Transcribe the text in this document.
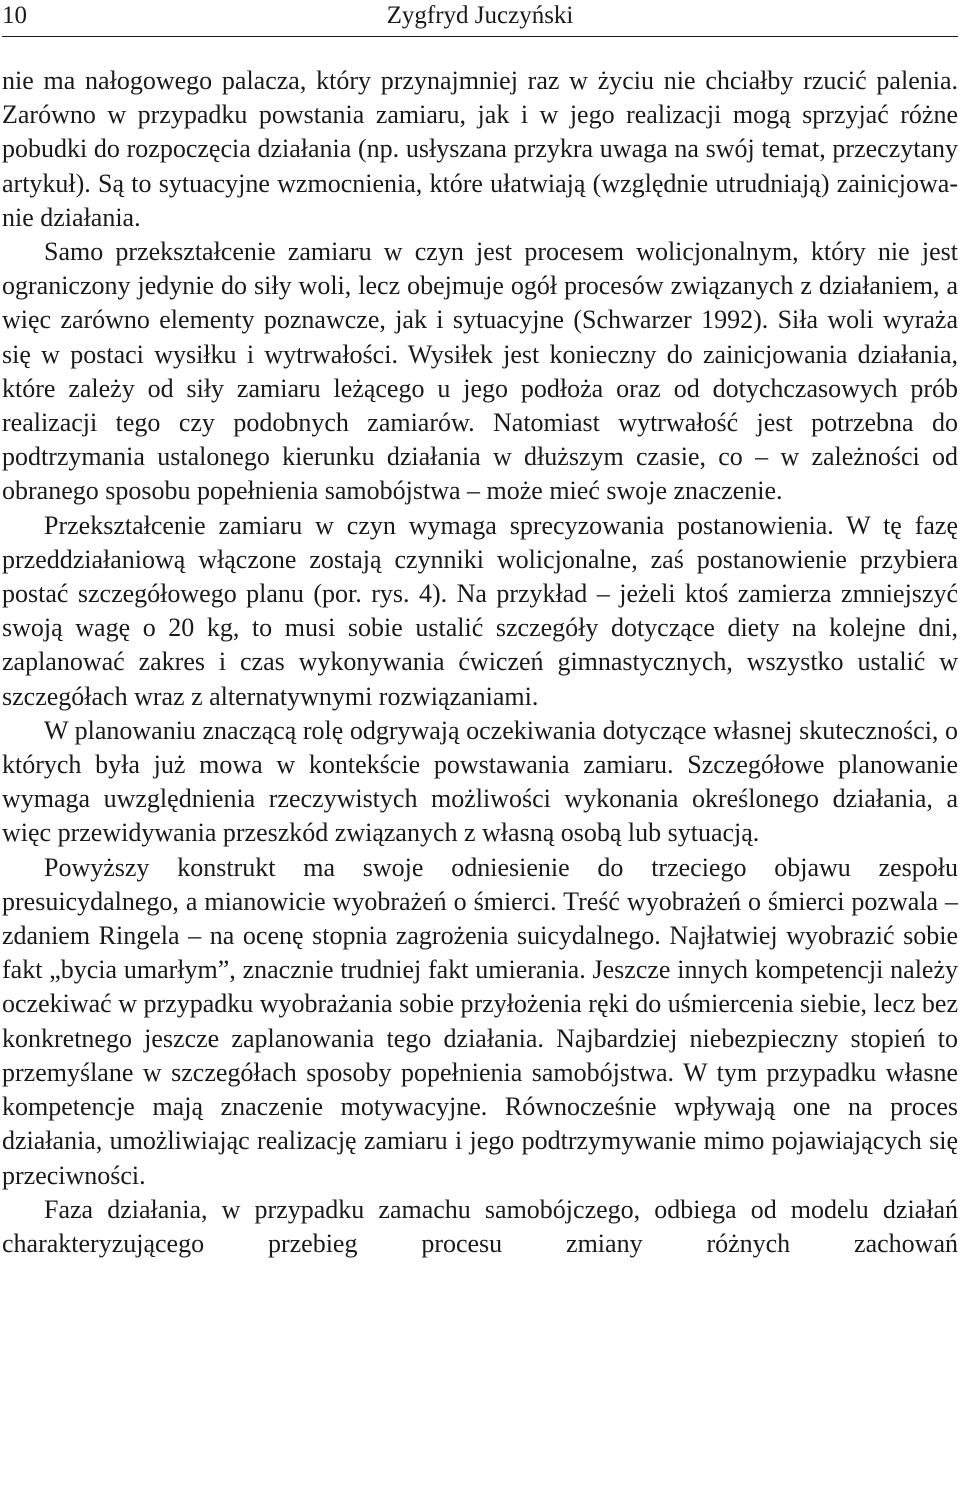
10	Zygfryd Juczyński

nie ma nałogowego palacza, który przynajmniej raz w życiu nie chciałby rzucić palenia. Zarówno w przypadku powstania zamiaru, jak i w jego realizacji mogą sprzyjać różne pobudki do rozpoczęcia działania (np. usłyszana przykra uwaga na swój temat, przeczytany artykuł). Są to sytuacyjne wzmocnienia, które ułatwiają (względnie utrudniają) zainicjowanie działania.

Samo przekształcenie zamiaru w czyn jest procesem wolicjonalnym, który nie jest ograniczony jedynie do siły woli, lecz obejmuje ogół procesów związanych z działaniem, a więc zarówno elementy poznawcze, jak i sytuacyjne (Schwarzer 1992). Siła woli wyraża się w postaci wysiłku i wytrwałości. Wysiłek jest konieczny do zainicjowania działania, które zależy od siły zamiaru leżącego u jego podłoża oraz od dotychczasowych prób realizacji tego czy podobnych zamiarów. Natomiast wytrwałość jest potrzebna do podtrzymania ustalonego kierunku działania w dłuższym czasie, co – w zależności od obranego sposobu popełnienia samobójstwa – może mieć swoje znaczenie.

Przekształcenie zamiaru w czyn wymaga sprecyzowania postanowienia. W tę fazę przeddziałaniową włączone zostają czynniki wolicjonalne, zaś postanowienie przybiera postać szczegółowego planu (por. rys. 4). Na przykład – jeżeli ktoś zamierza zmniejszyć swoją wagę o 20 kg, to musi sobie ustalić szczegóły dotyczące diety na kolejne dni, zaplanować zakres i czas wykonywania ćwiczeń gimnastycznych, wszystko ustalić w szczegółach wraz z alternatywnymi rozwiązaniami.

W planowaniu znaczącą rolę odgrywają oczekiwania dotyczące własnej skuteczności, o których była już mowa w kontekście powstawania zamiaru. Szczegółowe planowanie wymaga uwzględnienia rzeczywistych możliwości wykonania określonego działania, a więc przewidywania przeszkód związanych z własną osobą lub sytuacją.

Powyższy konstrukt ma swoje odniesienie do trzeciego objawu zespołu presuicydalnego, a mianowicie wyobrażeń o śmierci. Treść wyobrażeń o śmierci pozwala – zdaniem Ringela – na ocenę stopnia zagrożenia suicydalnego. Najłatwiej wyobrazić sobie fakt „bycia umarłym”, znacznie trudniej fakt umierania. Jeszcze innych kompetencji należy oczekiwać w przypadku wyobrażania sobie przyłożenia ręki do uśmiercenia siebie, lecz bez konkretnego jeszcze zaplanowania tego działania. Najbardziej niebezpieczny stopień to przemyślane w szczegółach sposoby popełnienia samobójstwa. W tym przypadku własne kompetencje mają znaczenie motywacyjne. Równocześnie wpływają one na proces działania, umożliwiając realizację zamiaru i jego podtrzymywanie mimo pojawiających się przeciwności.

Faza działania, w przypadku zamachu samobójczego, odbiega od modelu działań charakteryzującego przebieg procesu zmiany różnych zachowań
